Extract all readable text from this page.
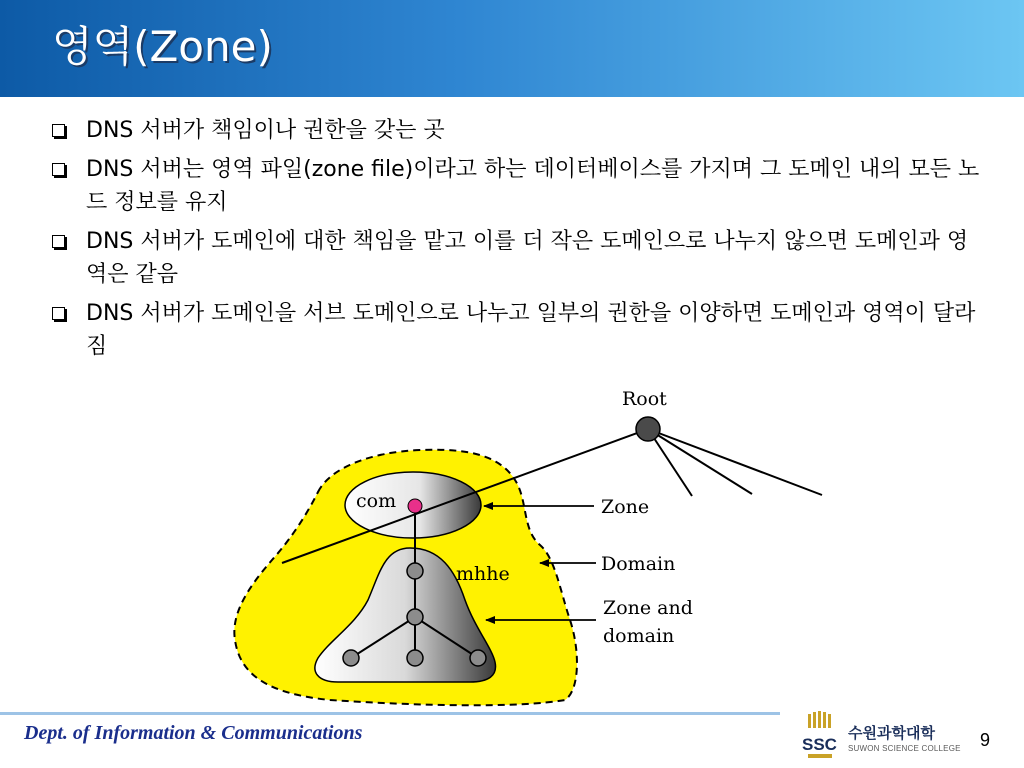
영역(Zone)
DNS 서버가 책임이나 권한을 갖는 곳
DNS 서버는 영역 파일(zone file)이라고 하는 데이터베이스를 가지며 그 도메인 내의 모든 노드 정보를 유지
DNS 서버가 도메인에 대한 책임을 맡고 이를 더 작은 도메인으로 나누지 않으면 도메인과 영역은 같음
DNS 서버가 도메인을 서브 도메인으로 나누고 일부의 권한을 이양하면 도메인과 영역이 달라짐
Root
com
mhhe
Zone
Domain
Zone and
domain
Dept. of Information & Communications
SSC
수원과학대학
SUWON SCIENCE COLLEGE 9
